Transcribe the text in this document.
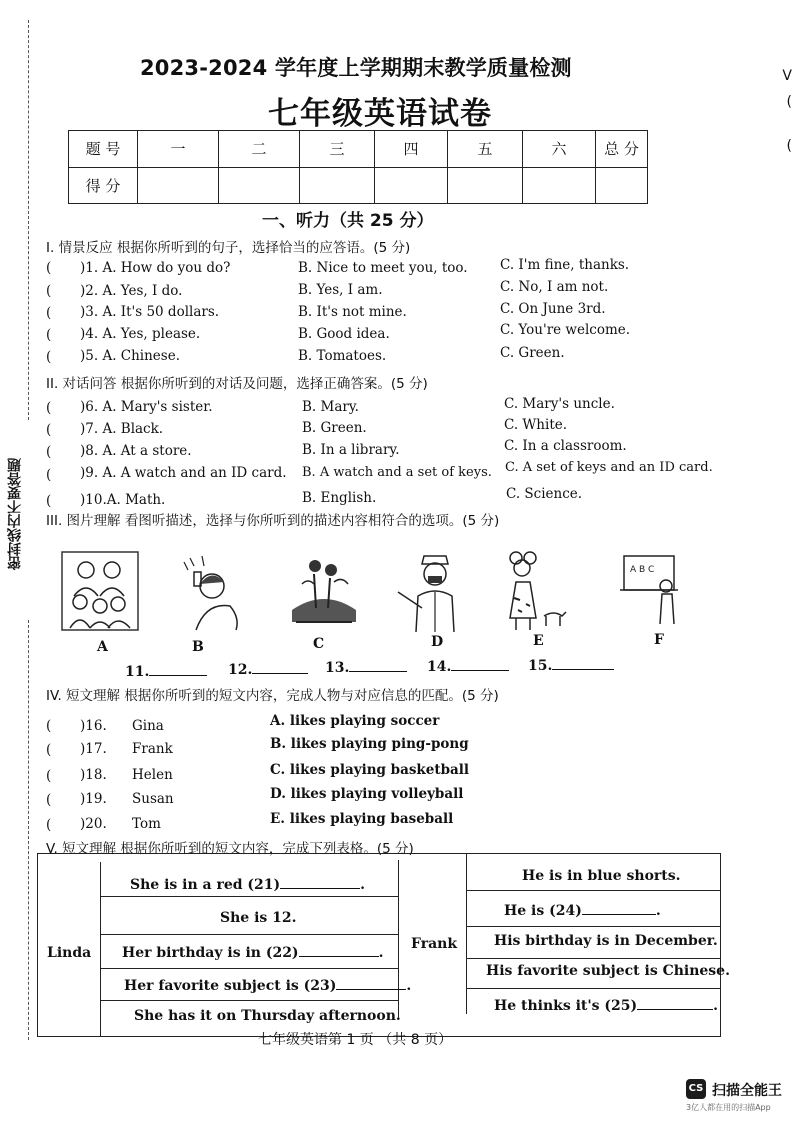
密封线内不要答题
V
(
(
2023-2024 学年度上学期期末教学质量检测
七年级英语试卷
题 号	一	二	三	四	五	六	总 分
得 分							
一、听力（共 25 分）
I. 情景反应 根据你所听到的句子，选择恰当的应答语。(5 分)
( )1. A. How do you do?	B. Nice to meet you, too. C. I'm fine, thanks.
( )2. A. Yes, I do.	B. Yes, I am.	C. No, I am not.
( )3. A. It's 50 dollars.	B. It's not mine.	C. On June 3rd.
( )4. A. Yes, please.	B. Good idea.	C. You're welcome.
( )5. A. Chinese.	B. Tomatoes.	C. Green.
II. 对话问答 根据你所听到的对话及问题，选择正确答案。(5 分)
( )6. A. Mary's sister.	B. Mary.	C. Mary's uncle.
( )7. A. Black.	B. Green.	C. White.
( )8. A. At a store.	B. In a library.	C. In a classroom.
( )9. A. A watch and an ID card. B. A watch and a set of keys. C. A set of keys and an ID card.
( )10.A. Math.	B. English.	C. Science.
III. 图片理解 看图听描述，选择与你所听到的描述内容相符合的选项。(5 分)
A B C
A	B	C	D	E	F
11.	12.	13.	14.	15.
IV. 短文理解 根据你所听到的短文内容，完成人物与对应信息的匹配。(5 分)
( )16. Gina	A. likes playing soccer
( )17. Frank	B. likes playing ping-pong
( )18. Helen	C. likes playing basketball
( )19. Susan	D. likes playing volleyball
( )20. Tom	E. likes playing baseball
V. 短文理解 根据你所听到的短文内容，完成下列表格。(5 分)
Linda
Frank
She is in a red (21)	.
She is 12.
Her birthday is in (22)	.
Her favorite subject is (23)	.
She has it on Thursday afternoon.
He is in blue shorts.
He is (24)	.
His birthday is in December.
His favorite subject is Chinese.
He thinks it's (25)	.
七年级英语第 1 页 （共 8 页）
CS 扫描全能王
3亿人都在用的扫描App
